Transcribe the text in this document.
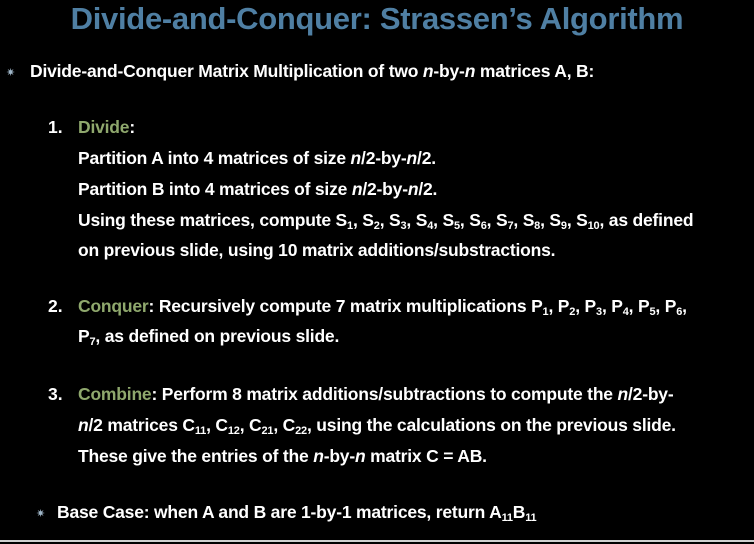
Divide-and-Conquer: Strassen’s Algorithm
✷ Divide-and-Conquer Matrix Multiplication of two n-by-n matrices A, B:
1. Divide:
Partition A into 4 matrices of size n/2-by-n/2.
Partition B into 4 matrices of size n/2-by-n/2.
Using these matrices, compute $S_1$, $S_2$, $S_3$, $S_4$, $S_5$, $S_6$, $S_7$, $S_8$, $S_9$, $S_{10}$, as defined
on previous slide, using 10 matrix additions/substractions.
2. Conquer: Recursively compute 7 matrix multiplications $P_1$, $P_2$, $P_3$, $P_4$, $P_5$, $P_6$,
$P_7$, as defined on previous slide.
3. Combine: Perform 8 matrix additions/subtractions to compute the n/2-by-
n/2 matrices $C_{11}$, $C_{12}$, $C_{21}$, $C_{22}$, using the calculations on the previous slide.
These give the entries of the n-by-n matrix C = AB.
✷ Base Case: when A and B are 1-by-1 matrices, return $A_{11}B_{11}$
